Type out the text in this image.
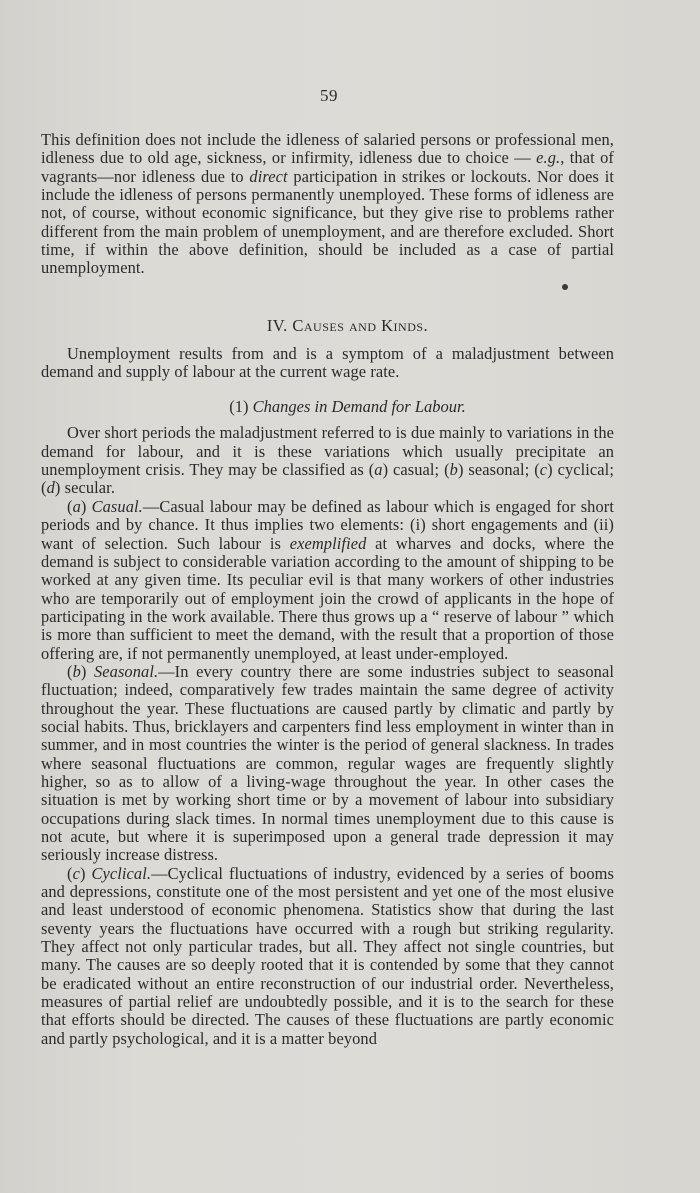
59

This definition does not include the idleness of salaried persons or professional men, idleness due to old age, sickness, or infirmity, idleness due to choice — e.g., that of vagrants—nor idleness due to direct participation in strikes or lockouts. Nor does it include the idleness of persons permanently unemployed. These forms of idleness are not, of course, without economic significance, but they give rise to problems rather different from the main problem of unemployment, and are therefore excluded. Short time, if within the above definition, should be included as a case of partial unemployment.

IV. Causes and Kinds.

Unemployment results from and is a symptom of a maladjustment between demand and supply of labour at the current wage rate.

(1) Changes in Demand for Labour.

Over short periods the maladjustment referred to is due mainly to variations in the demand for labour, and it is these variations which usually precipitate an unemployment crisis. They may be classified as (a) casual; (b) seasonal; (c) cyclical; (d) secular.

(a) Casual.—Casual labour may be defined as labour which is engaged for short periods and by chance. It thus implies two elements: (i) short engagements and (ii) want of selection. Such labour is exemplified at wharves and docks, where the demand is subject to considerable variation according to the amount of shipping to be worked at any given time. Its peculiar evil is that many workers of other industries who are temporarily out of employment join the crowd of applicants in the hope of participating in the work available. There thus grows up a “ reserve of labour ” which is more than sufficient to meet the demand, with the result that a proportion of those offering are, if not permanently unemployed, at least under-employed.

(b) Seasonal.—In every country there are some industries subject to seasonal fluctuation; indeed, comparatively few trades maintain the same degree of activity throughout the year. These fluctuations are caused partly by climatic and partly by social habits. Thus, bricklayers and carpenters find less employment in winter than in summer, and in most countries the winter is the period of general slackness. In trades where seasonal fluctuations are common, regular wages are frequently slightly higher, so as to allow of a living-wage throughout the year. In other cases the situation is met by working short time or by a movement of labour into subsidiary occupations during slack times. In normal times unemployment due to this cause is not acute, but where it is superimposed upon a general trade depression it may seriously increase distress.

(c) Cyclical.—Cyclical fluctuations of industry, evidenced by a series of booms and depressions, constitute one of the most persistent and yet one of the most elusive and least understood of economic phenomena. Statistics show that during the last seventy years the fluctuations have occurred with a rough but striking regularity. They affect not only particular trades, but all. They affect not single countries, but many. The causes are so deeply rooted that it is contended by some that they cannot be eradicated without an entire reconstruction of our industrial order. Nevertheless, measures of partial relief are undoubtedly possible, and it is to the search for these that efforts should be directed. The causes of these fluctuations are partly economic and partly psychological, and it is a matter beyond
